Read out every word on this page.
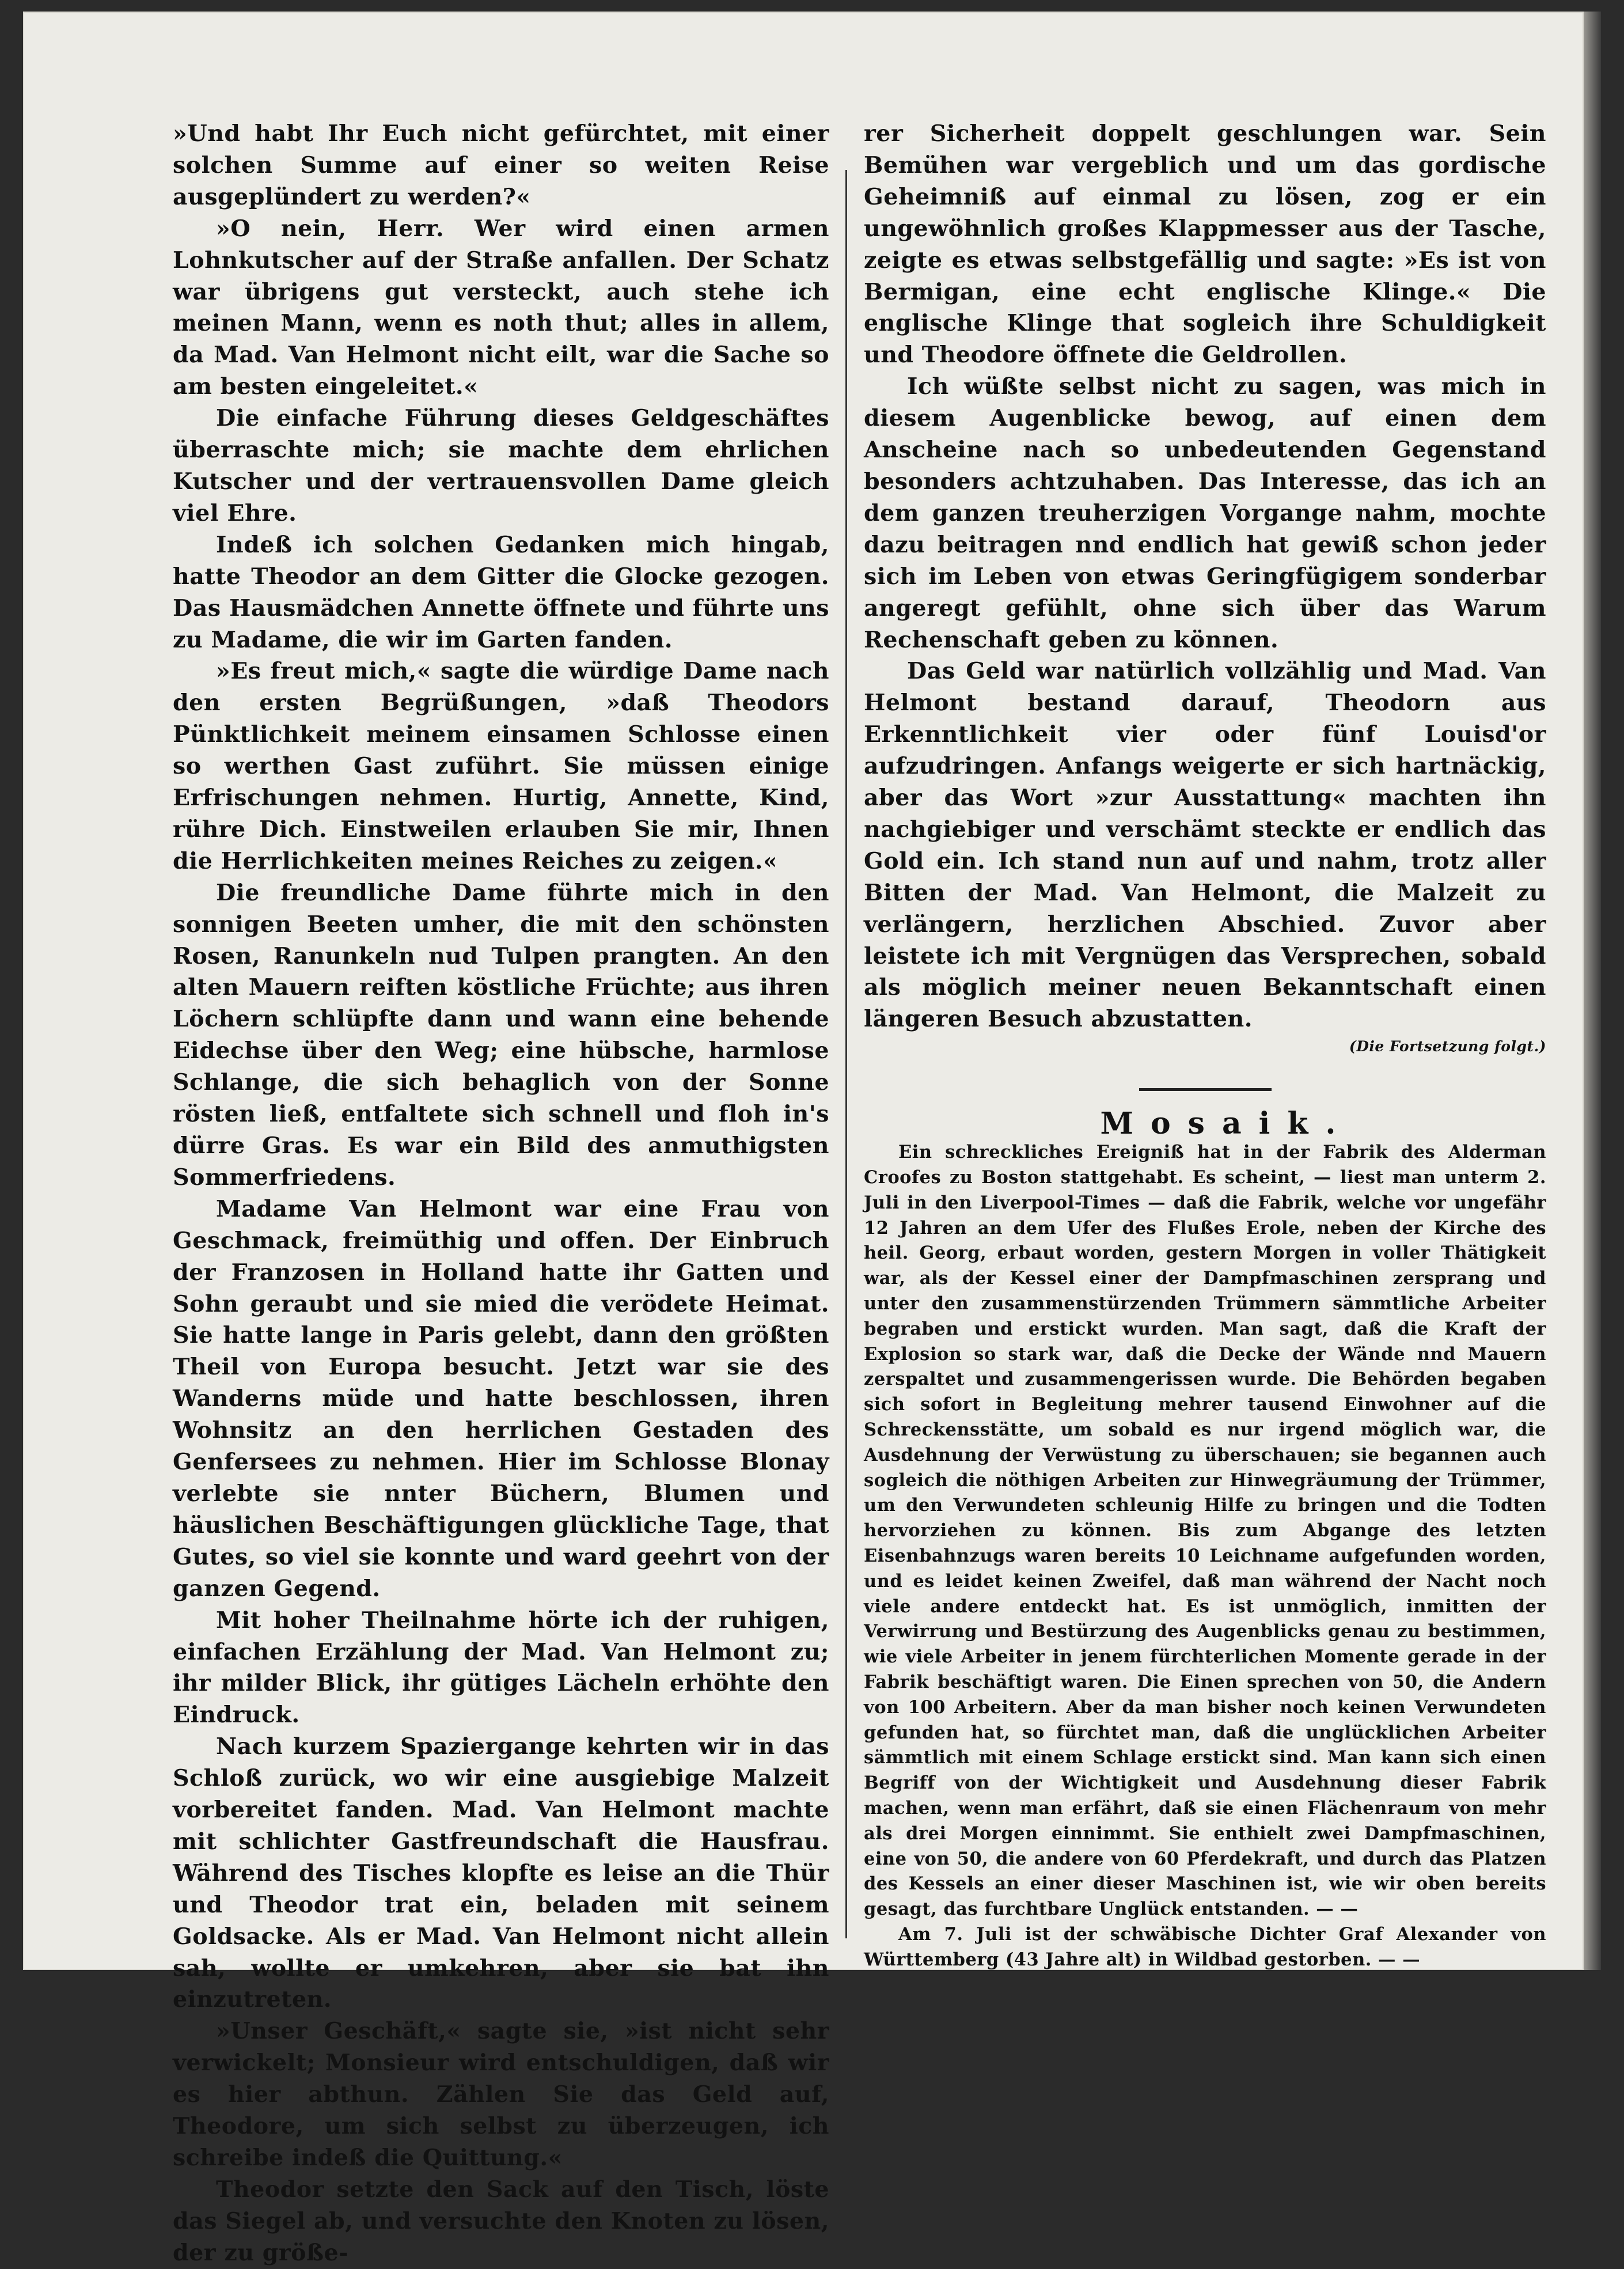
»Und habt Ihr Euch nicht gefürchtet, mit einer solchen Summe auf einer so weiten Reise ausgeplündert zu werden?«

»O nein, Herr. Wer wird einen armen Lohnkutscher auf der Straße anfallen. Der Schatz war übrigens gut versteckt, auch stehe ich meinen Mann, wenn es noth thut; alles in allem, da Mad. Van Helmont nicht eilt, war die Sache so am besten eingeleitet.«

Die einfache Führung dieses Geldgeschäftes überraschte mich; sie machte dem ehrlichen Kutscher und der vertrauensvollen Dame gleich viel Ehre.

Indeß ich solchen Gedanken mich hingab, hatte Theodor an dem Gitter die Glocke gezogen. Das Hausmädchen Annette öffnete und führte uns zu Madame, die wir im Garten fanden.

»Es freut mich,« sagte die würdige Dame nach den ersten Begrüßungen, »daß Theodors Pünktlichkeit meinem einsamen Schlosse einen so werthen Gast zuführt. Sie müssen einige Erfrischungen nehmen. Hurtig, Annette, Kind, rühre Dich. Einstweilen erlauben Sie mir, Ihnen die Herrlichkeiten meines Reiches zu zeigen.«

Die freundliche Dame führte mich in den sonnigen Beeten umher, die mit den schönsten Rosen, Ranunkeln nud Tulpen prangten. An den alten Mauern reiften köstliche Früchte; aus ihren Löchern schlüpfte dann und wann eine behende Eidechse über den Weg; eine hübsche, harmlose Schlange, die sich behaglich von der Sonne rösten ließ, entfaltete sich schnell und floh in's dürre Gras. Es war ein Bild des anmuthigsten Sommerfriedens.

Madame Van Helmont war eine Frau von Geschmack, freimüthig und offen. Der Einbruch der Franzosen in Holland hatte ihr Gatten und Sohn geraubt und sie mied die verödete Heimat. Sie hatte lange in Paris gelebt, dann den größten Theil von Europa besucht. Jetzt war sie des Wanderns müde und hatte beschlossen, ihren Wohnsitz an den herrlichen Gestaden des Genfersees zu nehmen. Hier im Schlosse Blonay verlebte sie nnter Büchern, Blumen und häuslichen Beschäftigungen glückliche Tage, that Gutes, so viel sie konnte und ward geehrt von der ganzen Gegend.

Mit hoher Theilnahme hörte ich der ruhigen, einfachen Erzählung der Mad. Van Helmont zu; ihr milder Blick, ihr gütiges Lächeln erhöhte den Eindruck.

Nach kurzem Spaziergange kehrten wir in das Schloß zurück, wo wir eine ausgiebige Malzeit vorbereitet fanden. Mad. Van Helmont machte mit schlichter Gastfreundschaft die Hausfrau. Während des Tisches klopfte es leise an die Thür und Theodor trat ein, beladen mit seinem Goldsacke. Als er Mad. Van Helmont nicht allein sah, wollte er umkehren, aber sie bat ihn einzutreten.

»Unser Geschäft,« sagte sie, »ist nicht sehr verwickelt; Monsieur wird entschuldigen, daß wir es hier abthun. Zählen Sie das Geld auf, Theodore, um sich selbst zu überzeugen, ich schreibe indeß die Quittung.«

Theodor setzte den Sack auf den Tisch, löste das Siegel ab, und versuchte den Knoten zu lösen, der zu größe-

rer Sicherheit doppelt geschlungen war. Sein Bemühen war vergeblich und um das gordische Geheimniß auf einmal zu lösen, zog er ein ungewöhnlich großes Klappmesser aus der Tasche, zeigte es etwas selbstgefällig und sagte: »Es ist von Bermigan, eine echt englische Klinge.« Die englische Klinge that sogleich ihre Schuldigkeit und Theodore öffnete die Geldrollen.

Ich wüßte selbst nicht zu sagen, was mich in diesem Augenblicke bewog, auf einen dem Anscheine nach so unbedeutenden Gegenstand besonders achtzuhaben. Das Interesse, das ich an dem ganzen treuherzigen Vorgange nahm, mochte dazu beitragen nnd endlich hat gewiß schon jeder sich im Leben von etwas Geringfügigem sonderbar angeregt gefühlt, ohne sich über das Warum Rechenschaft geben zu können.

Das Geld war natürlich vollzählig und Mad. Van Helmont bestand darauf, Theodorn aus Erkenntlichkeit vier oder fünf Louisd'or aufzudringen. Anfangs weigerte er sich hartnäckig, aber das Wort »zur Ausstattung« machten ihn nachgiebiger und verschämt steckte er endlich das Gold ein. Ich stand nun auf und nahm, trotz aller Bitten der Mad. Van Helmont, die Malzeit zu verlängern, herzlichen Abschied. Zuvor aber leistete ich mit Vergnügen das Versprechen, sobald als möglich meiner neuen Bekanntschaft einen längeren Besuch abzustatten.

(Die Fortsetzung folgt.)

Mosaik.

Ein schreckliches Ereigniß hat in der Fabrik des Alderman Croofes zu Boston stattgehabt. Es scheint, — liest man unterm 2. Juli in den Liverpool-Times — daß die Fabrik, welche vor ungefähr 12 Jahren an dem Ufer des Flußes Erole, neben der Kirche des heil. Georg, erbaut worden, gestern Morgen in voller Thätigkeit war, als der Kessel einer der Dampfmaschinen zersprang und unter den zusammenstürzenden Trümmern sämmtliche Arbeiter begraben und erstickt wurden. Man sagt, daß die Kraft der Explosion so stark war, daß die Decke der Wände nnd Mauern zerspaltet und zusammengerissen wurde. Die Behörden begaben sich sofort in Begleitung mehrer tausend Einwohner auf die Schreckensstätte, um sobald es nur irgend möglich war, die Ausdehnung der Verwüstung zu überschauen; sie begannen auch sogleich die nöthigen Arbeiten zur Hinwegräumung der Trümmer, um den Verwundeten schleunig Hilfe zu bringen und die Todten hervorziehen zu können. Bis zum Abgange des letzten Eisenbahnzugs waren bereits 10 Leichname aufgefunden worden, und es leidet keinen Zweifel, daß man während der Nacht noch viele andere entdeckt hat. Es ist unmöglich, inmitten der Verwirrung und Bestürzung des Augenblicks genau zu bestimmen, wie viele Arbeiter in jenem fürchterlichen Momente gerade in der Fabrik beschäftigt waren. Die Einen sprechen von 50, die Andern von 100 Arbeitern. Aber da man bisher noch keinen Verwundeten gefunden hat, so fürchtet man, daß die unglücklichen Arbeiter sämmtlich mit einem Schlage erstickt sind. Man kann sich einen Begriff von der Wichtigkeit und Ausdehnung dieser Fabrik machen, wenn man erfährt, daß sie einen Flächenraum von mehr als drei Morgen einnimmt. Sie enthielt zwei Dampfmaschinen, eine von 50, die andere von 60 Pferdekraft, und durch das Platzen des Kessels an einer dieser Maschinen ist, wie wir oben bereits gesagt, das furchtbare Unglück entstanden. — —

Am 7. Juli ist der schwäbische Dichter Graf Alexander von Württemberg (43 Jahre alt) in Wildbad gestorben. — —
